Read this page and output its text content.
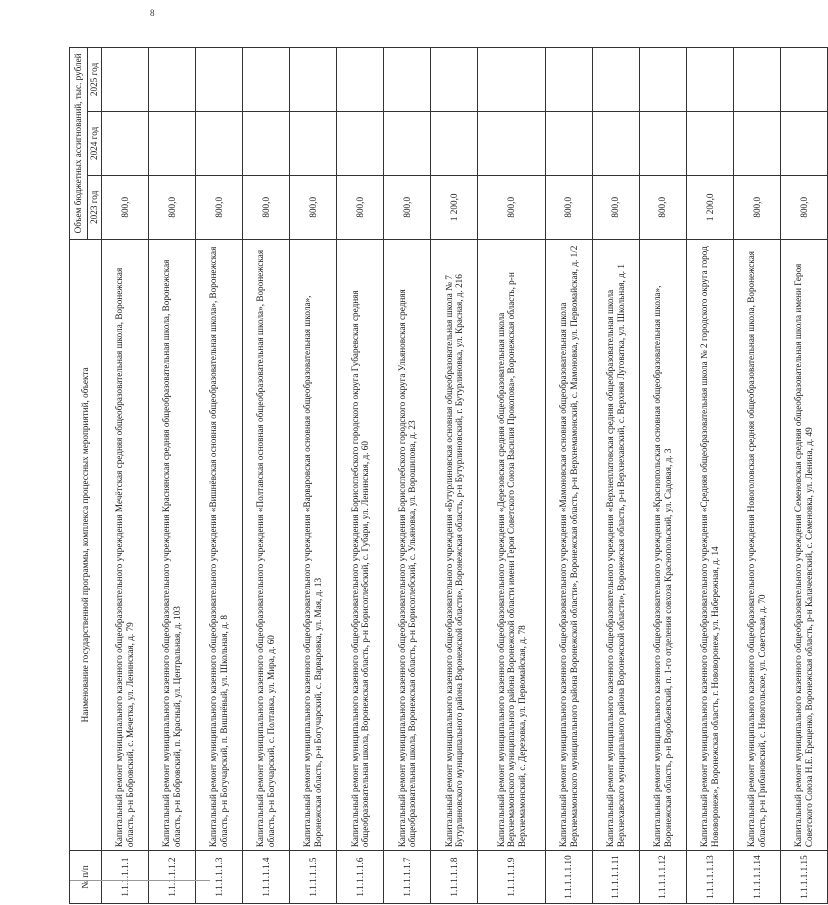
8
№ п/п	Наименование государственной программы, комплекса процессных мероприятий, объекта	Объем бюджетных ассигнований, тыс. рублей		
		2023 год	2024 год	2025 год
1.1.1.1.1.1	Капитальный ремонт муниципального казенного общеобразовательного учреждения Мечётская средняя общеобразовательная школа, Воронежская область, р-н Бобровский, с. Мечетка, ул. Ленинская, д. 79	800,0		
1.1.1.1.1.2	Капитальный ремонт муниципального казенного общеобразовательного учреждения Краснянская средняя общеобразовательная школа, Воронежская область, р-н Бобровский, п. Красный, ул. Центральная, д. 103	800,0		
1.1.1.1.1.3	Капитальный ремонт муниципального казенного общеобразовательного учреждения «Вишнёвская основная общеобразовательная школа», Воронежская область, р-н Богучарский, п. Вишнёвый, ул. Школьная, д. 8	800,0		
1.1.1.1.1.4	Капитальный ремонт муниципального казенного общеобразовательного учреждения «Полтавская основная общеобразовательная школа», Воронежская область, р-н Богучарский, с. Полтавка, ул. Мира, д. 60	800,0		
1.1.1.1.1.5	Капитальный ремонт муниципального казенного общеобразовательного учреждения «Варваровская основная общеобразовательная школа», Воронежская область, р-н Богучарский, с. Варваровка, ул. Мая, д. 13	800,0		
1.1.1.1.1.6	Капитальный ремонт муниципального казенного общеобразовательного учреждения Борисоглебского городского округа Губаревская средняя общеобразовательная школа, Воронежская область, р-н Борисоглебский, с. Губари, ул. Ленинская, д. 60	800,0		
1.1.1.1.1.7	Капитальный ремонт муниципального казенного общеобразовательного учреждения Борисоглебского городского округа Ульяновская средняя общеобразовательная школа, Воронежская область, р-н Борисоглебский, с. Ульяновка, ул. Ворошилова, д. 23	800,0		
1.1.1.1.1.8	Капитальный ремонт муниципального казенного общеобразовательного учреждения «Бутурлиновская основная общеобразовательная школа № 7 Бутурлиновского муниципального района Воронежской области», Воронежская область, р-н Бутурлиновский, г. Бутурлиновка, ул. Красная, д. 216	1 200,0		
1.1.1.1.1.9	Капитальный ремонт муниципального казенного общеобразовательного учреждения «Дерезовская средняя общеобразовательная школа Верхнемамонского муниципального района Воронежской области имени Героя Советского Союза Василия Прокопова», Воронежская область, р-н Верхнемамонский, с. Дерезовка, ул. Первомайская, д. 78	800,0		
1.1.1.1.1.10	Капитальный ремонт муниципального казенного общеобразовательного учреждения «Мамоновская основная общеобразовательная школа Верхнемамонского муниципального района Воронежской области», Воронежская область, р-н Верхнемамонский, с. Мамоновка, ул. Первомайская, д. 1/2	800,0		
1.1.1.1.1.11	Капитальный ремонт муниципального казенного общеобразовательного учреждения «Верхнеплатовская средняя общеобразовательная школа Верхнехавского муниципального района Воронежской области», Воронежская область, р-н Верхнехавский, с. Верхняя Луговатка, ул. Школьная, д. 1	800,0		
1.1.1.1.1.12	Капитальный ремонт муниципального казенного общеобразовательного учреждения «Краснопольская основная общеобразовательная школа», Воронежская область, р-н Воробьевский, п. 1-го отделения совхоза Краснопольский, ул. Садовая, д. 3	800,0		
1.1.1.1.1.13	Капитальный ремонт муниципального казенного общеобразовательного учреждения «Средняя общеобразовательная школа № 2 городского округа город Нововоронеж», Воронежская область, г. Нововоронеж, ул. Набережная, д. 14	1 200,0		
1.1.1.1.1.14	Капитальный ремонт муниципального казенного общеобразовательного учреждения Новоголовская средняя общеобразовательная школа, Воронежская область, р-н Грибановский, с. Новогольское, ул. Советская, д. 70	800,0		
1.1.1.1.1.15	Капитальный ремонт муниципального казенного общеобразовательного учреждения Семеновская средняя общеобразовательная школа имени Героя Советского Союза Н.Е. Ерещенко, Воронежская область, р-н Калачеевский, с. Семеновка, ул. Ленина, д. 49	800,0		
